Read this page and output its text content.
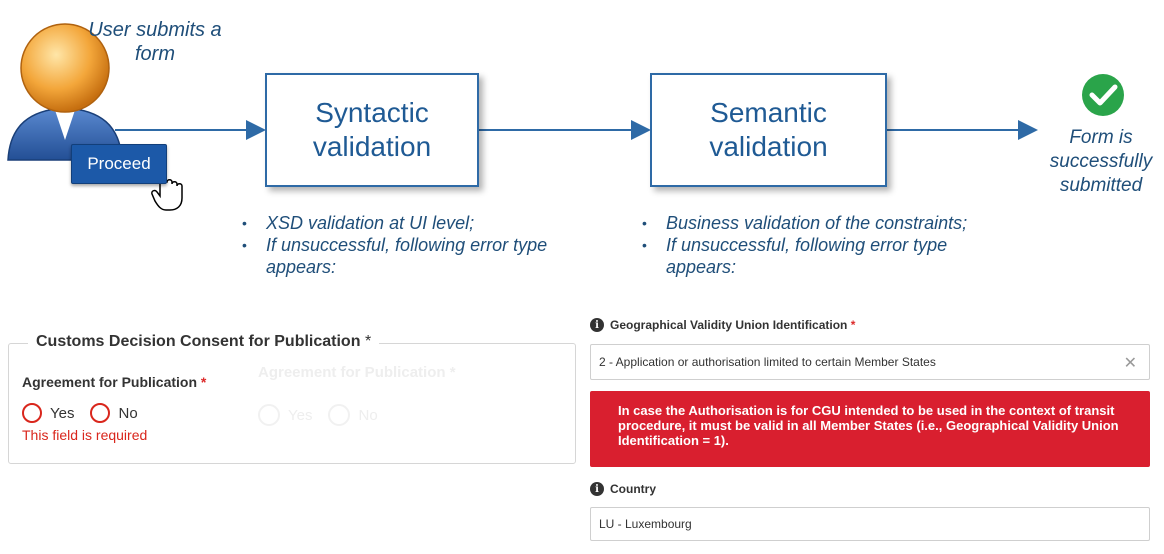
User submits a form
Proceed
Syntactic validation
Semantic validation	Form is successfully submitted
• XSD validation at UI level;
• If unsuccessful, following error type appears:
• Business validation of the constraints;
• If unsuccessful, following error type appears:
Customs Decision Consent for Publication *
Agreement for Publication *
Yes	No
This field is required
Agreement for Publication *
Yes	No
i Geographical Validity Union Identification
*
2 - Application or authorisation limited to certain Member States	✕
In case the Authorisation is for CGU intended to be used in the context of transit procedure, it must be valid in all Member States (i.e., Geographical Validity Union Identification = 1).
i Country
LU - Luxembourg
